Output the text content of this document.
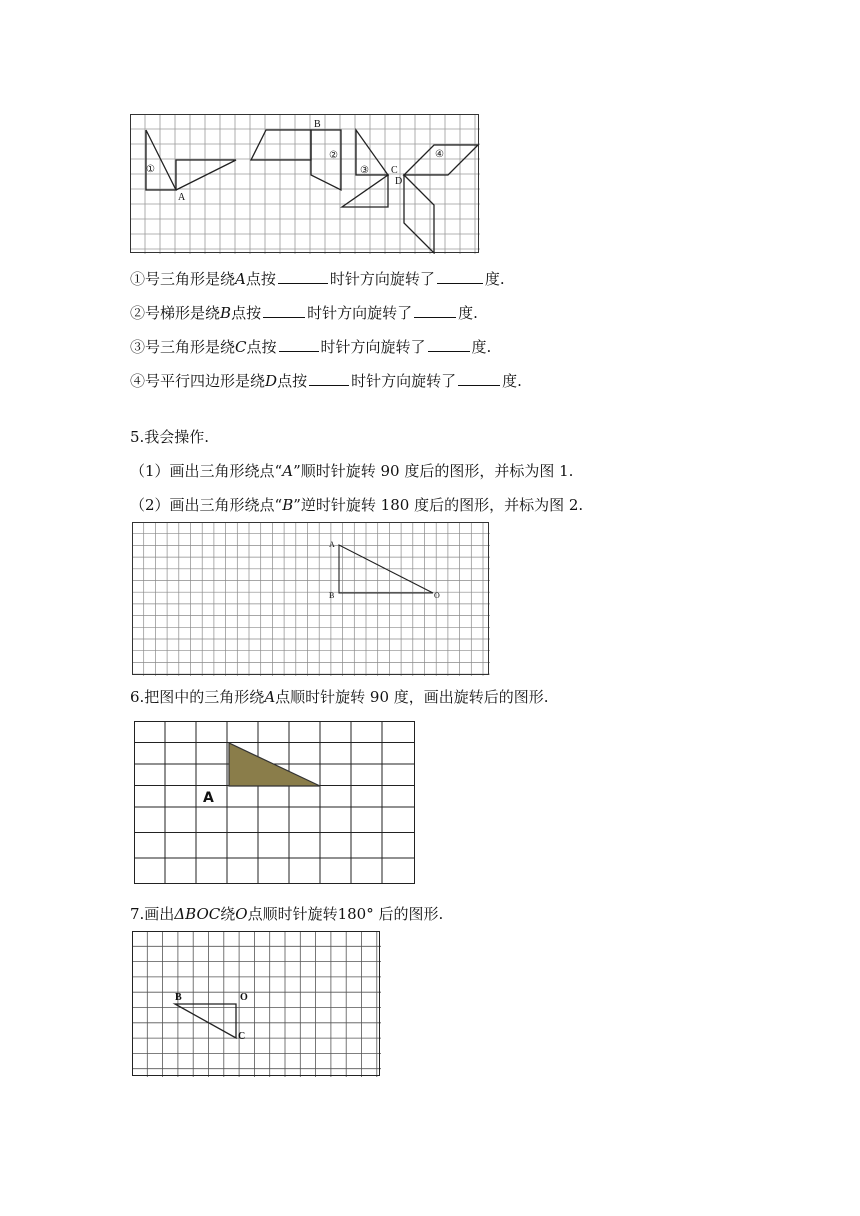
①
A
B
②
③ C
D
④
①号三角形是绕A点按	时针方向旋转了	度.
②号梯形是绕B点按	时针方向旋转了	度.
③号三角形是绕C点按	时针方向旋转了	度.
④号平行四边形是绕D点按	时针方向旋转了	度.
5.我会操作.
（1）画出三角形绕点“A”顺时针旋转 90 度后的图形，并标为图 1.
（2）画出三角形绕点“B”逆时针旋转 180 度后的图形，并标为图 2.
A
B	O
6.把图中的三角形绕A点顺时针旋转 90 度，画出旋转后的图形.
A
7.画出ΔBOC绕O点顺时针旋转180° 后的图形.
B	O
C
